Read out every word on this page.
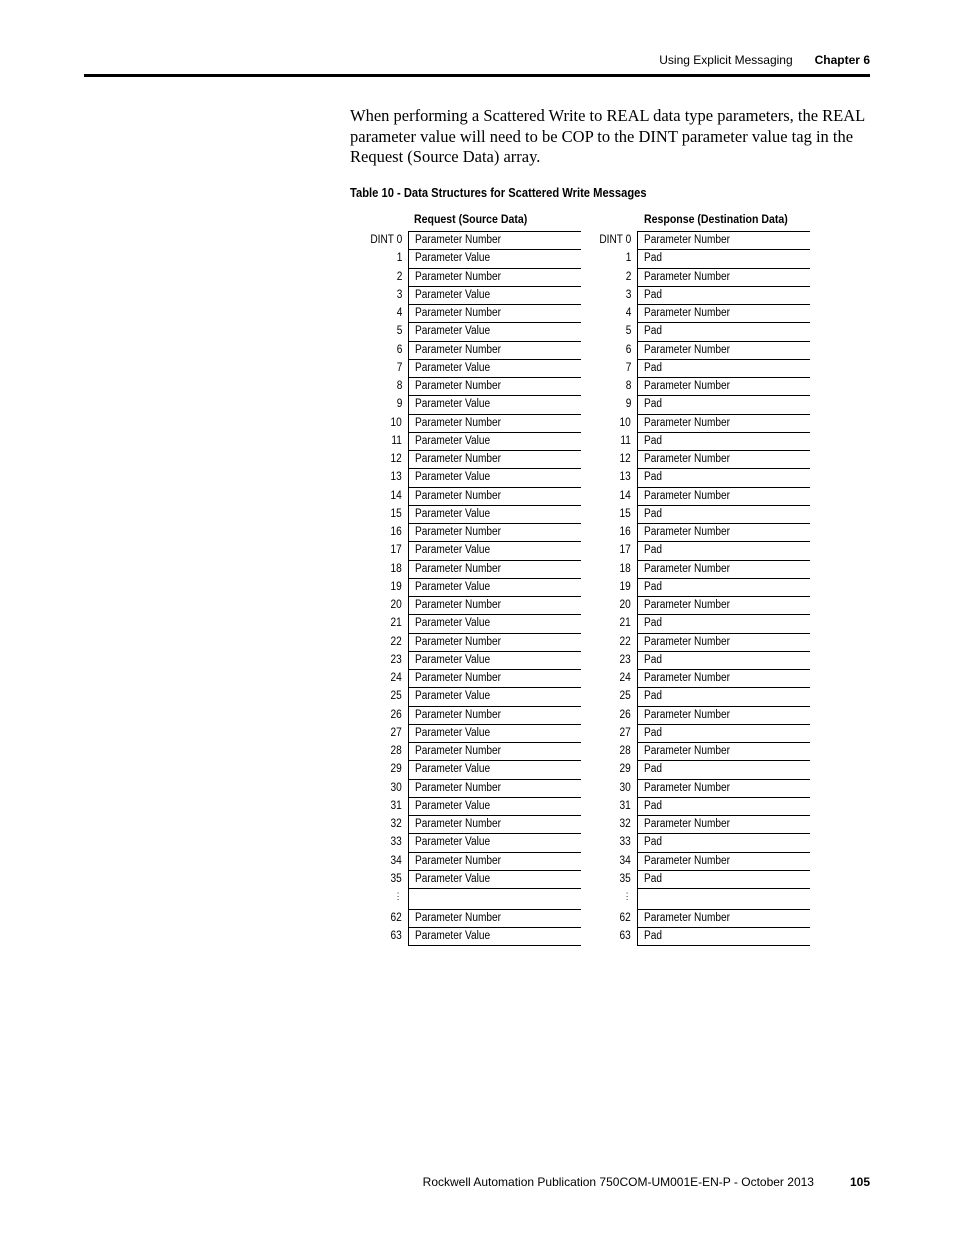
Using Explicit Messaging Chapter 6

When performing a Scattered Write to REAL data type parameters, the REAL parameter value will need to be COP to the DINT parameter value tag in the Request (Source Data) array.

Table 10 - Data Structures for Scattered Write Messages
Request (Source Data)	Response (Destination Data)
DINT 0
1
2
3
4
5
6
7
8
9
10
11
12
13
14
15
16
17
18
19
20
21
22
23
24
25
26
27
28
29
30
31
32
33
34
35
⋮
62
63
Parameter Number
Parameter Value
Parameter Number
Parameter Value
Parameter Number
Parameter Value
Parameter Number
Parameter Value
Parameter Number
Parameter Value
Parameter Number
Parameter Value
Parameter Number
Parameter Value
Parameter Number
Parameter Value
Parameter Number
Parameter Value
Parameter Number
Parameter Value
Parameter Number
Parameter Value
Parameter Number
Parameter Value
Parameter Number
Parameter Value
Parameter Number
Parameter Value
Parameter Number
Parameter Value
Parameter Number
Parameter Value
Parameter Number
Parameter Value
Parameter Number
Parameter Value
Parameter Number
Parameter Value
DINT 0
1
2
3
4
5
6
7
8
9
10
11
12
13
14
15
16
17
18
19
20
21
22
23
24
25
26
27
28
29
30
31
32
33
34
35
⋮
62
63
Parameter Number
Pad
Parameter Number
Pad
Parameter Number
Pad
Parameter Number
Pad
Parameter Number
Pad
Parameter Number
Pad
Parameter Number
Pad
Parameter Number
Pad
Parameter Number
Pad
Parameter Number
Pad
Parameter Number
Pad
Parameter Number
Pad
Parameter Number
Pad
Parameter Number
Pad
Parameter Number
Pad
Parameter Number
Pad
Parameter Number
Pad
Parameter Number
Pad
Parameter Number
Pad
Rockwell Automation Publication 750COM-UM001E-EN-P - October 2013	105
